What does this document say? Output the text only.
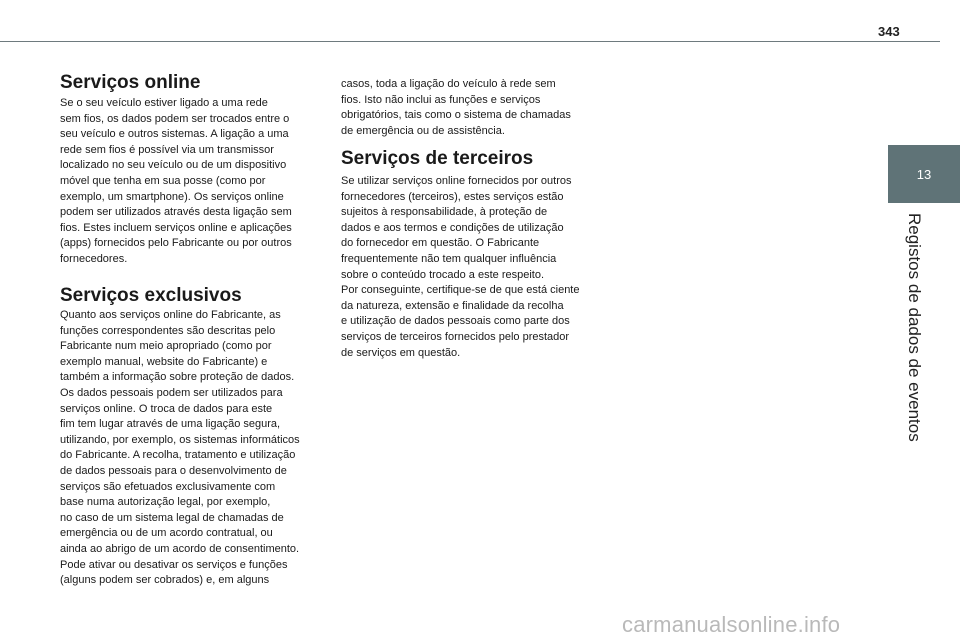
343
13
Registos de dados de eventos
Serviços online

Se o seu veículo estiver ligado a uma rede
sem fios, os dados podem ser trocados entre o
seu veículo e outros sistemas. A ligação a uma
rede sem fios é possível via um transmissor
localizado no seu veículo ou de um dispositivo
móvel que tenha em sua posse (como por
exemplo, um smartphone). Os serviços online
podem ser utilizados através desta ligação sem
fios. Estes incluem serviços online e aplicações
(apps) fornecidos pelo Fabricante ou por outros
fornecedores.

Serviços exclusivos

Quanto aos serviços online do Fabricante, as
funções correspondentes são descritas pelo
Fabricante num meio apropriado (como por
exemplo manual, website do Fabricante) e
também a informação sobre proteção de dados.
Os dados pessoais podem ser utilizados para
serviços online. O troca de dados para este
fim tem lugar através de uma ligação segura,
utilizando, por exemplo, os sistemas informáticos
do Fabricante. A recolha, tratamento e utilização
de dados pessoais para o desenvolvimento de
serviços são efetuados exclusivamente com
base numa autorização legal, por exemplo,
no caso de um sistema legal de chamadas de
emergência ou de um acordo contratual, ou
ainda ao abrigo de um acordo de consentimento.
Pode ativar ou desativar os serviços e funções
(alguns podem ser cobrados) e, em alguns

casos, toda a ligação do veículo à rede sem
fios. Isto não inclui as funções e serviços
obrigatórios, tais como o sistema de chamadas
de emergência ou de assistência.

Serviços de terceiros

Se utilizar serviços online fornecidos por outros
fornecedores (terceiros), estes serviços estão
sujeitos à responsabilidade, à proteção de
dados e aos termos e condições de utilização
do fornecedor em questão. O Fabricante
frequentemente não tem qualquer influência
sobre o conteúdo trocado a este respeito.
Por conseguinte, certifique-se de que está ciente
da natureza, extensão e finalidade da recolha
e utilização de dados pessoais como parte dos
serviços de terceiros fornecidos pelo prestador
de serviços em questão.

carmanualsonline.info
